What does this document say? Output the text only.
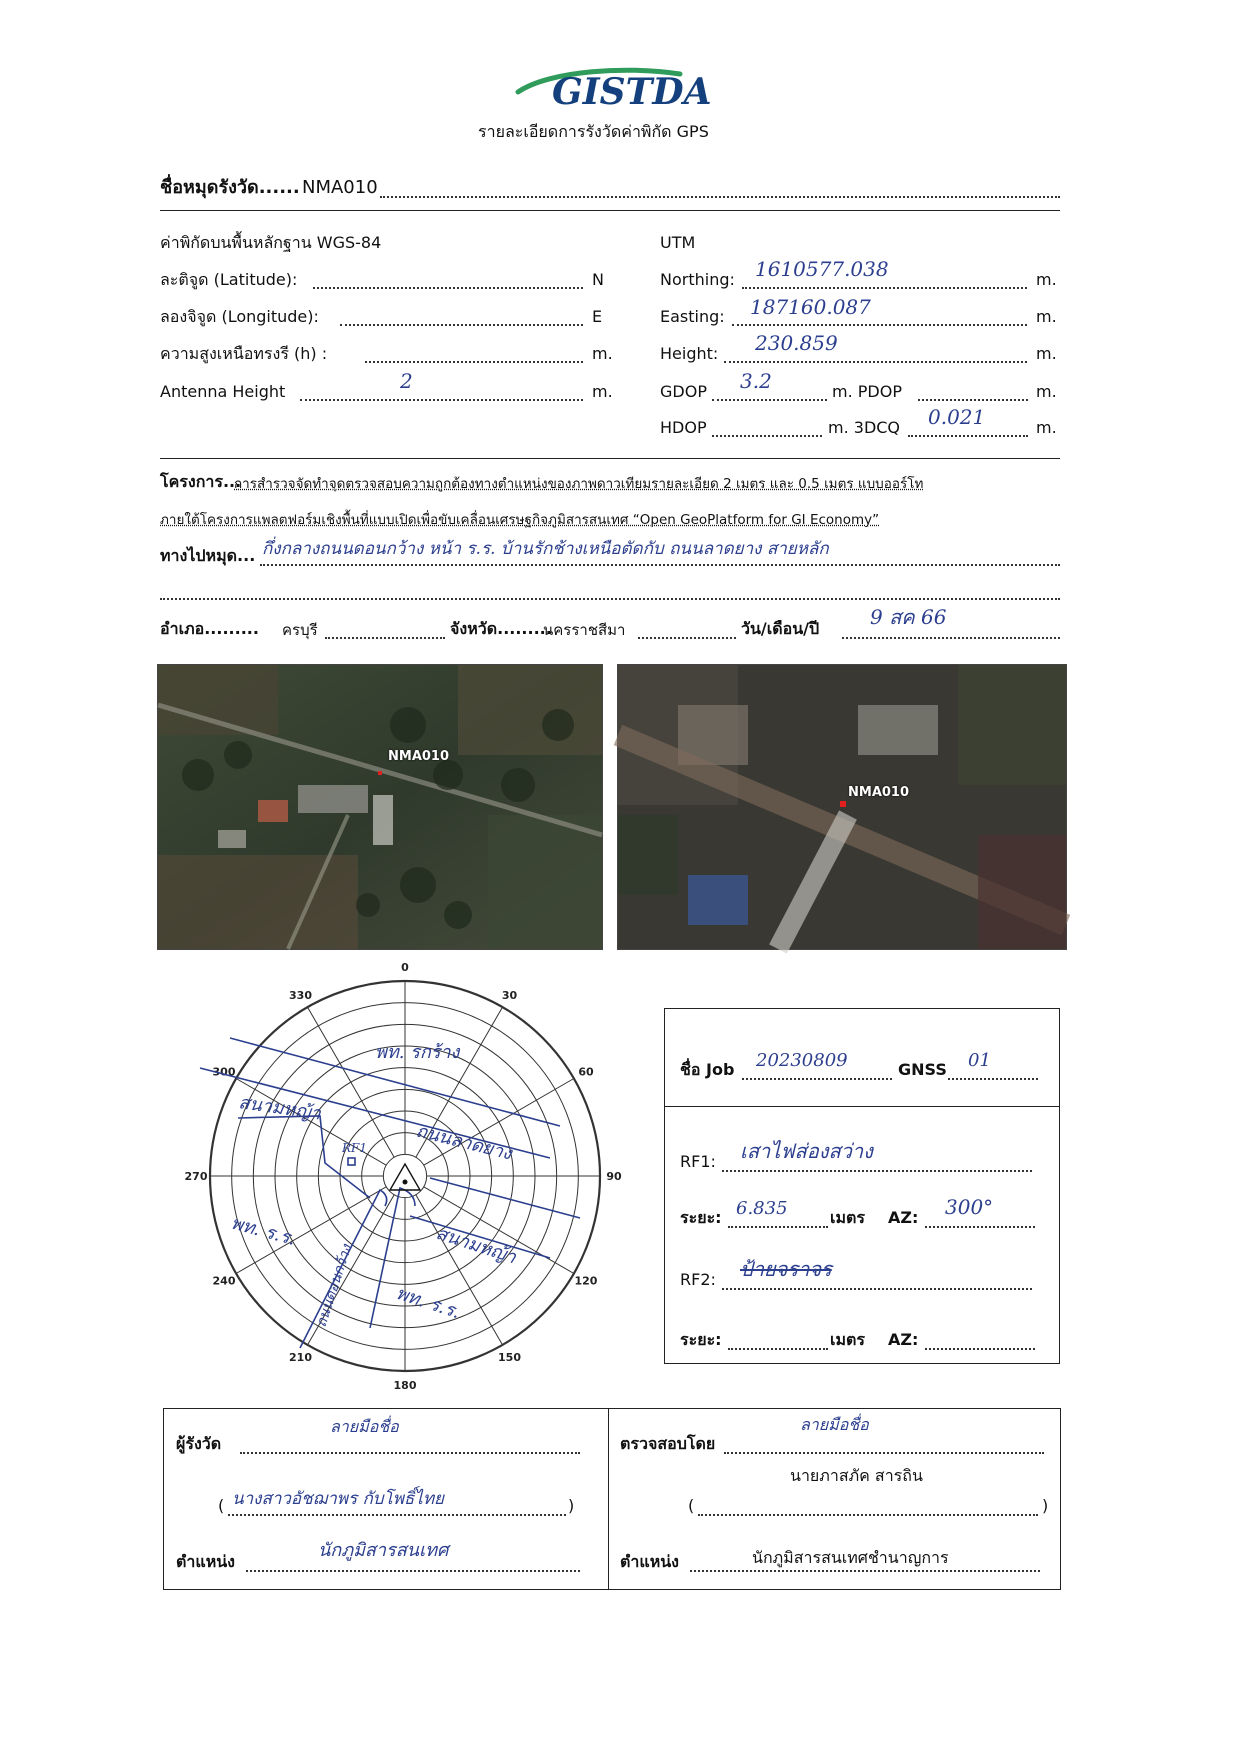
GISTDA
รายละเอียดการรังวัดค่าพิกัด GPS
ชื่อหมุดรังวัด...... NMA010
ค่าพิกัดบนพื้นหลักฐาน WGS-84
ละติจูด (Latitude):	N
ลองจิจูด (Longitude):	E
ความสูงเหนือทรงรี (h) :	m.
Antenna Height	2	m.
UTM
Northing: 1610577.038	m.
Easting: 187160.087	m.
Height: 230.859	m.
GDOP 3.2	m. PDOP	m.
HDOP	m. 3DCQ 0.021	m.
โครงการ...
การสำรวจจัดทำจุดตรวจสอบความถูกต้องทางตำแหน่งของภาพดาวเทียมรายละเอียด 2 เมตร และ 0.5 เมตร แบบออร์โท
ภายใต้โครงการแพลตฟอร์มเชิงพื้นที่แบบเปิดเพื่อขับเคลื่อนเศรษฐกิจภูมิสารสนเทศ “Open GeoPlatform for GI Economy”
ทางไปหมุด... กึ่งกลางถนนดอนกว้าง หน้า ร.ร. บ้านรักช้างเหนือตัดกับ ถนนลาดยาง สายหลัก
อำเภอ......... ครบุรี	จังหวัด.........
นครราชสีมา	วัน/เดือน/ปี	9 สค 66
NMA010
NMA010
0
30
60
90
120
150
180
210
240
270
300
330
พท. รกร้าง
ถนนลาดยาง
สนามหญ้า
RF1
พท. ร.ร.
ถนนดอนกว้าง	สนามหญ้า
พท. ร.ร.
ชื่อ Job 20230809	GNSS 01
RF1: เสาไฟส่องสว่าง
ระยะ: 6.835	เมตร AZ: 300°
RF2: ป้ายจราจร
ระยะ:	เมตร AZ:
ผู้รังวัด
ลายมือชื่อ
( นางสาวอัชฌาพร กับโพธิ์ไทย	)
ตำแหน่ง
นักภูมิสารสนเทศ
ตรวจสอบโดย
ลายมือชื่อ
นายภาสภัค สารถิน
(	)
ตำแหน่ง	นักภูมิสารสนเทศชำนาญการ
